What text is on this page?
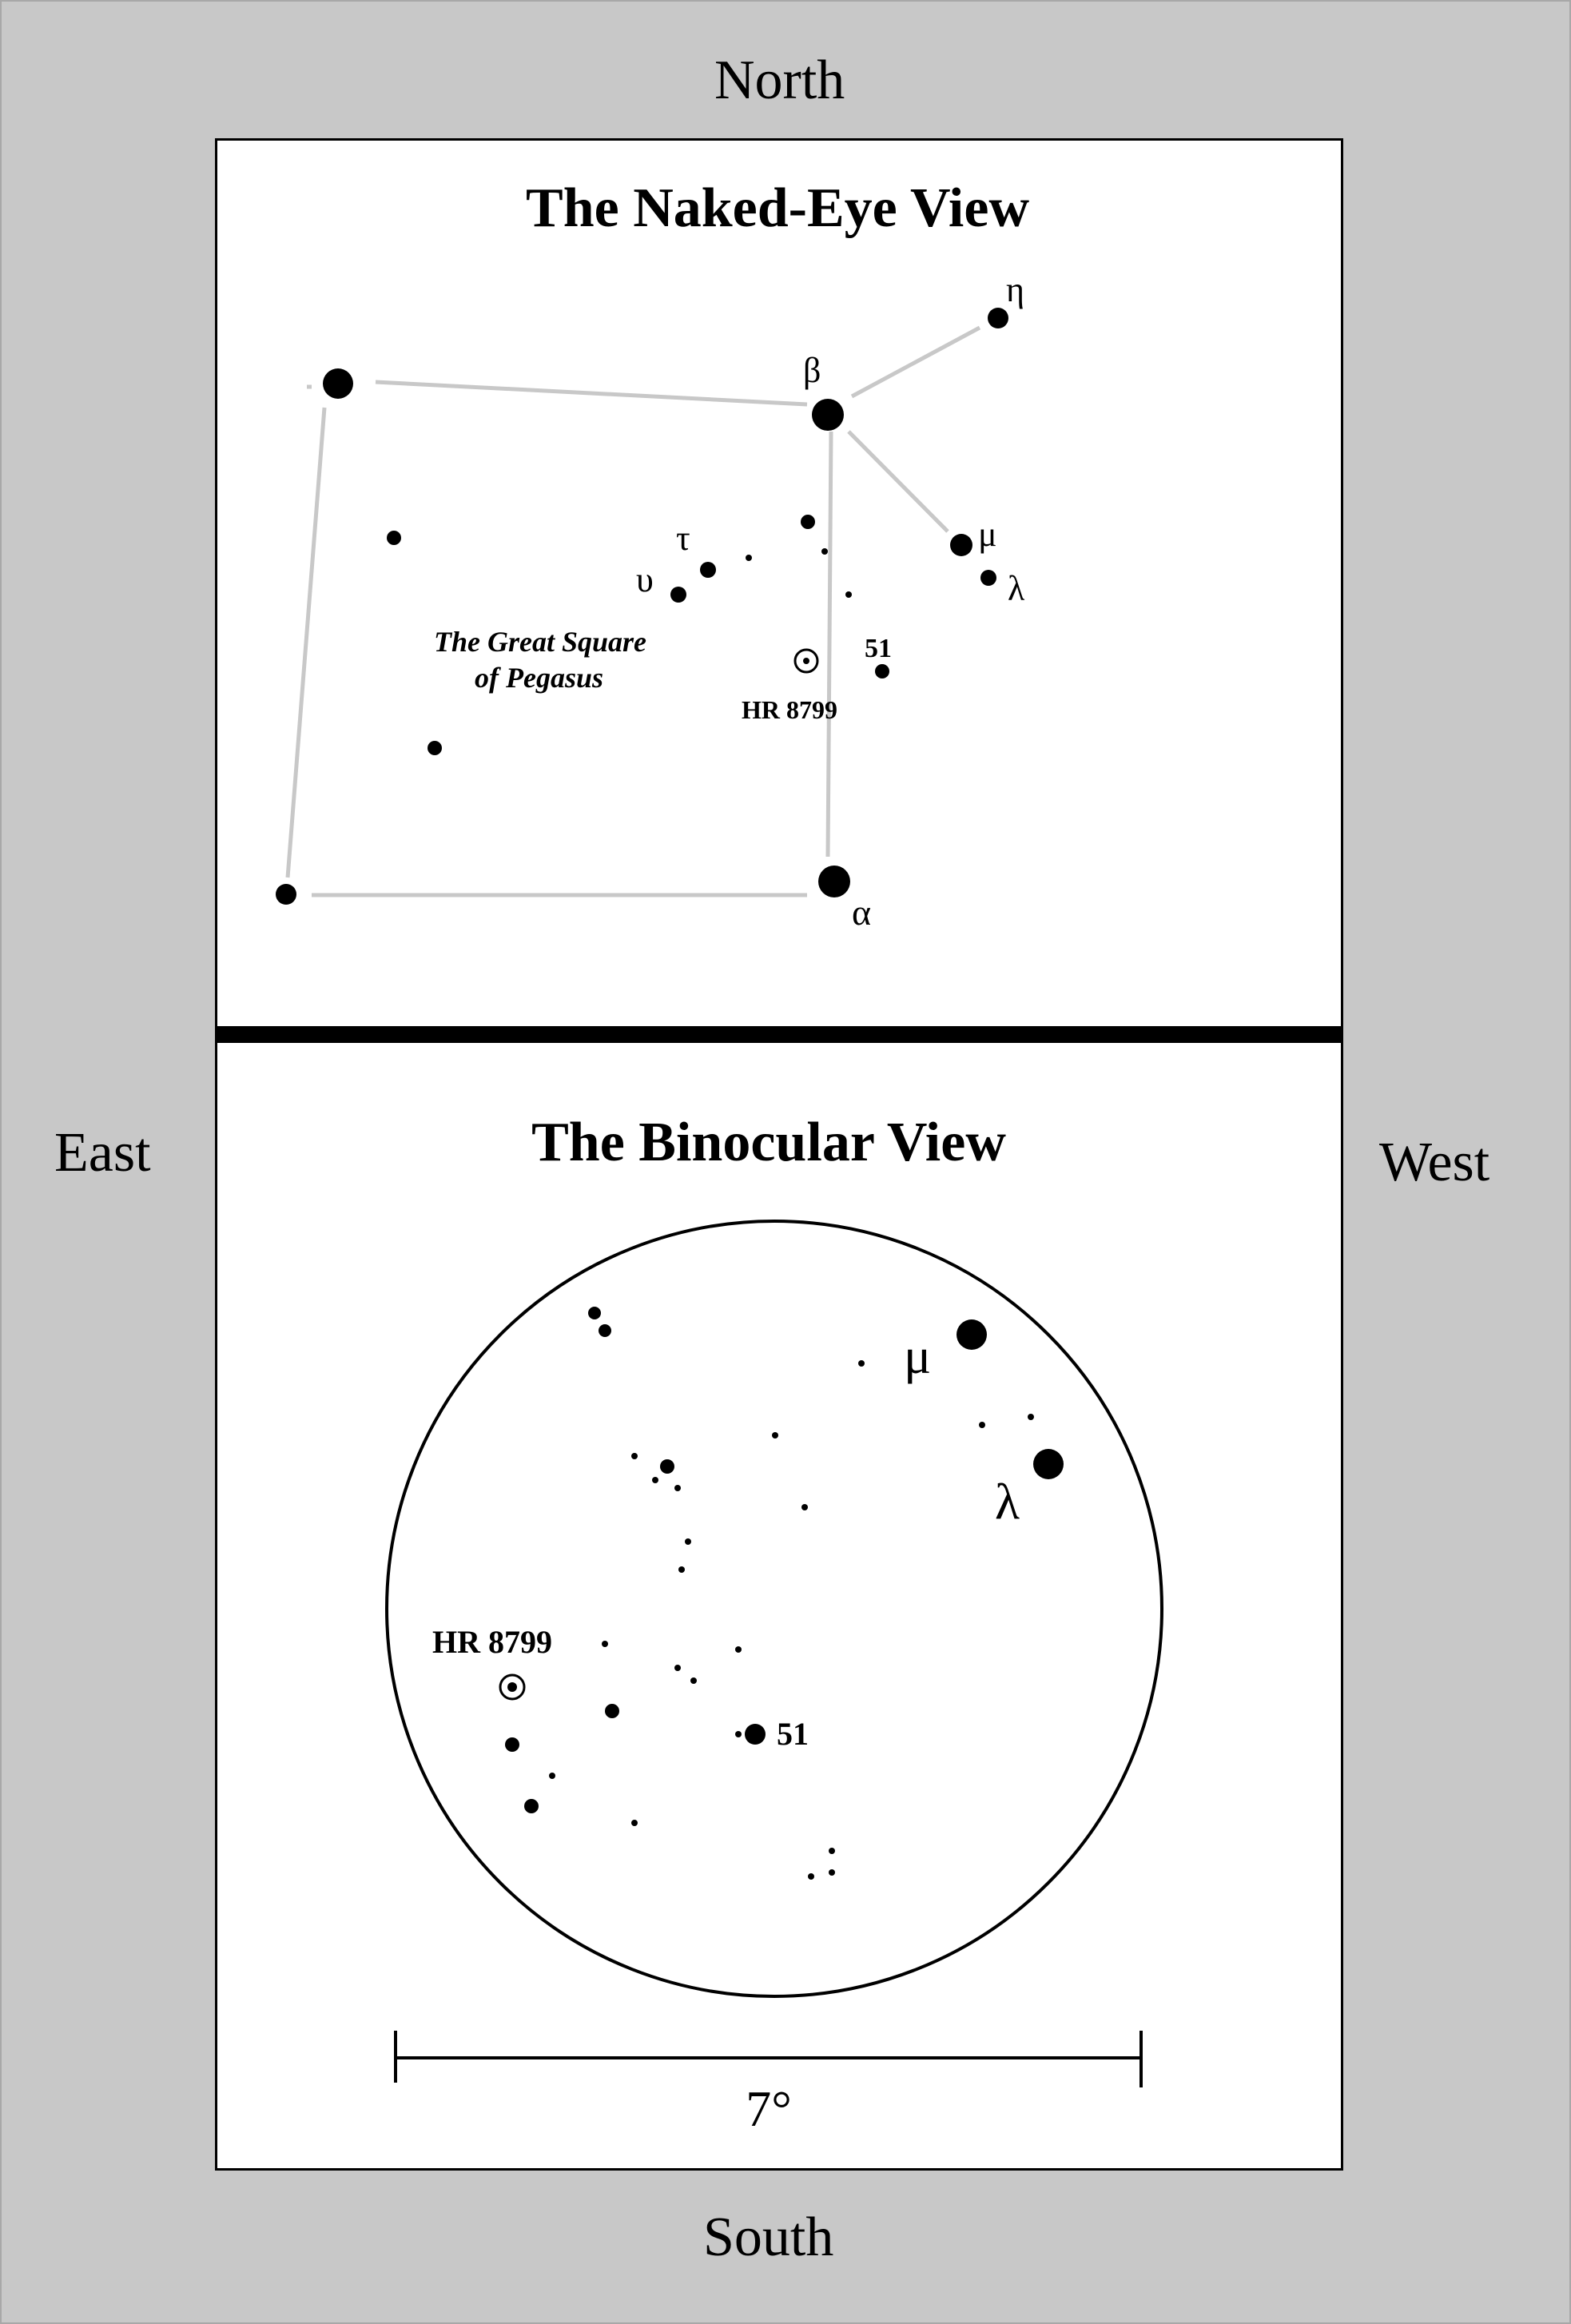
North
South
East	West
The Naked-Eye View
β
η
μ
λ
τ
υ
51
HR 8799
α
The Great Square
of Pegasus
The Binocular View
μ
λ
51
HR 8799
7°
